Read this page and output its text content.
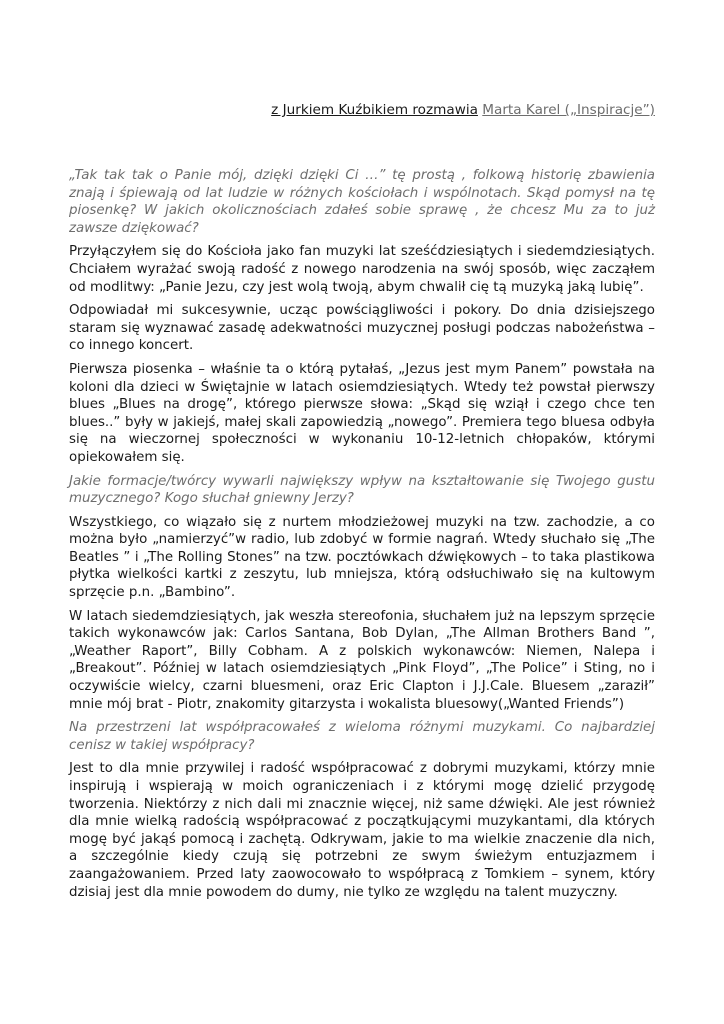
z Jurkiem Kuźbikiem rozmawia Marta Karel („Inspiracje”)

„Tak tak tak o Panie mój, dzięki dzięki Ci …” tę prostą , folkową historię zbawienia znają i śpiewają od lat ludzie w różnych kościołach i wspólnotach. Skąd pomysł na tę piosenkę? W jakich okolicznościach zdałeś sobie sprawę , że chcesz Mu za to już zawsze dziękować?

Przyłączyłem się do Kościoła jako fan muzyki lat sześćdziesiątych i siedemdziesiątych. Chciałem wyrażać swoją radość z nowego narodzenia na swój sposób, więc zacząłem od modlitwy: „Panie Jezu, czy jest wolą twoją, abym chwalił cię tą muzyką jaką lubię”.

Odpowiadał mi sukcesywnie, ucząc powściągliwości i pokory. Do dnia dzisiejszego staram się wyznawać zasadę adekwatności muzycznej posługi podczas nabożeństwa – co innego koncert.

Pierwsza piosenka – właśnie ta o którą pytałaś, „Jezus jest mym Panem” powstała na koloni dla dzieci w Świętajnie w latach osiemdziesiątych. Wtedy też powstał pierwszy blues „Blues na drogę”, którego pierwsze słowa: „Skąd się wziął i czego chce ten blues..” były w jakiejś, małej skali zapowiedzią „nowego”. Premiera tego bluesa odbyła się na wieczornej społeczności w wykonaniu 10-12-letnich chłopaków, którymi opiekowałem się.

Jakie formacje/twórcy wywarli największy wpływ na kształtowanie się Twojego gustu muzycznego? Kogo słuchał gniewny Jerzy?

Wszystkiego, co wiązało się z nurtem młodzieżowej muzyki na tzw. zachodzie, a co można było „namierzyć”w radio, lub zdobyć w formie nagrań. Wtedy słuchało się „The Beatles ” i „The Rolling Stones” na tzw. pocztówkach dźwiękowych – to taka plastikowa płytka wielkości kartki z zeszytu, lub mniejsza, którą odsłuchiwało się na kultowym sprzęcie p.n. „Bambino”.

W latach siedemdziesiątych, jak weszła stereofonia, słuchałem już na lepszym sprzęcie takich wykonawców jak: Carlos Santana, Bob Dylan, „The Allman Brothers Band ”, „Weather Raport”, Billy Cobham. A z polskich wykonawców: Niemen, Nalepa i „Breakout”. Później w latach osiemdziesiątych „Pink Floyd”, „The Police” i Sting, no i oczywiście wielcy, czarni bluesmeni, oraz Eric Clapton i J.J.Cale. Bluesem „zaraził” mnie mój brat - Piotr, znakomity gitarzysta i wokalista bluesowy(„Wanted Friends”)

Na przestrzeni lat współpracowałeś z wieloma różnymi muzykami. Co najbardziej cenisz w takiej współpracy?

Jest to dla mnie przywilej i radość współpracować z dobrymi muzykami, którzy mnie inspirują i wspierają w moich ograniczeniach i z którymi mogę dzielić przygodę tworzenia. Niektórzy z nich dali mi znacznie więcej, niż same dźwięki. Ale jest również dla mnie wielką radością współpracować z początkującymi muzykantami, dla których mogę być jakąś pomocą i zachętą. Odkrywam, jakie to ma wielkie znaczenie dla nich, a szczególnie kiedy czują się potrzebni ze swym świeżym entuzjazmem i zaangażowaniem. Przed laty zaowocowało to współpracą z Tomkiem – synem, który dzisiaj jest dla mnie powodem do dumy, nie tylko ze względu na talent muzyczny.
